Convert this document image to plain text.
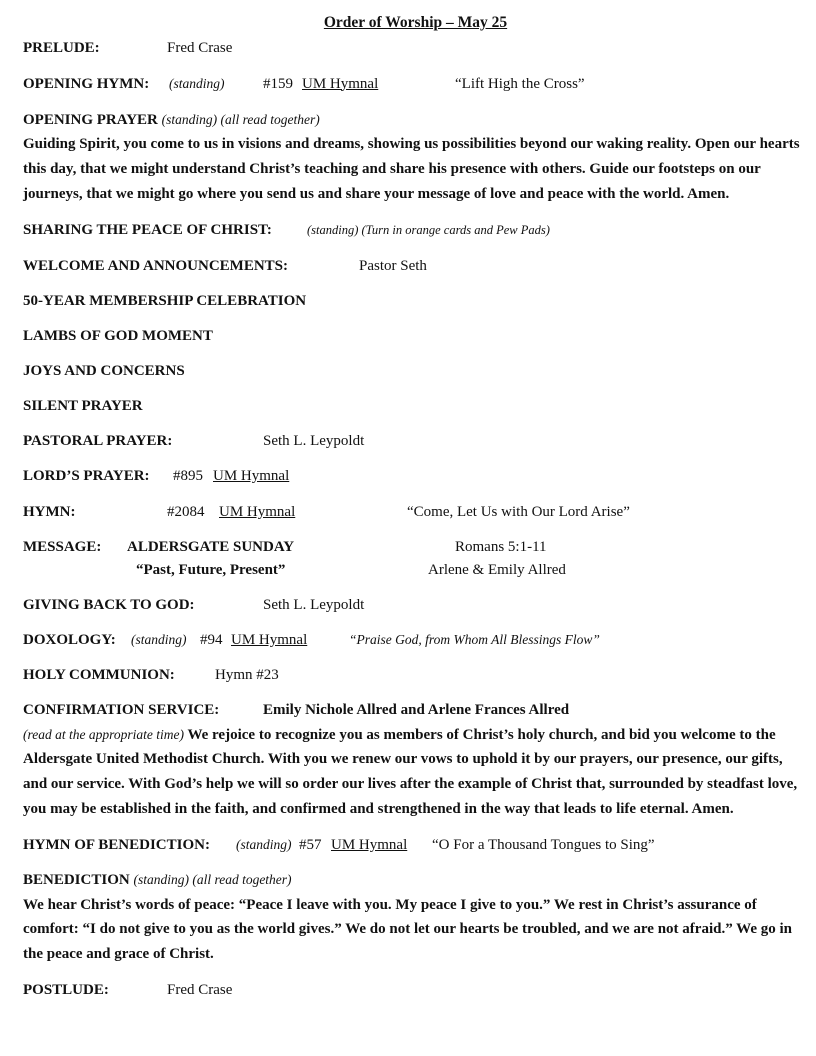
Order of Worship – May 25
PRELUDE:	Fred Crase
OPENING HYMN: (standing)	#159 UM Hymnal	“Lift High the Cross”
OPENING PRAYER (standing) (all read together)
Guiding Spirit, you come to us in visions and dreams, showing us possibilities beyond our waking reality. Open our hearts this day, that we might understand Christ’s teaching and share his presence with others. Guide our footsteps on our journeys, that we might go where you send us and share your message of love and peace with the world. Amen.
SHARING THE PEACE OF CHRIST:	(standing) (Turn in orange cards and Pew Pads)
WELCOME AND ANNOUNCEMENTS:	Pastor Seth
50-YEAR MEMBERSHIP CELEBRATION
LAMBS OF GOD MOMENT
JOYS AND CONCERNS
SILENT PRAYER
PASTORAL PRAYER:	Seth L. Leypoldt
LORD’S PRAYER: #895 UM Hymnal
HYMN:	#2084 UM Hymnal	“Come, Let Us with Our Lord Arise”
MESSAGE: ALDERSGATE SUNDAY	Romans 5:1-11
“Past, Future, Present”	Arlene & Emily Allred
GIVING BACK TO GOD:	Seth L. Leypoldt
DOXOLOGY: (standing) #94 UM Hymnal	“Praise God, from Whom All Blessings Flow”
HOLY COMMUNION:	Hymn #23
CONFIRMATION SERVICE:	Emily Nichole Allred and Arlene Frances Allred
(read at the appropriate time) We rejoice to recognize you as members of Christ’s holy church, and bid you welcome to the Aldersgate United Methodist Church. With you we renew our vows to uphold it by our prayers, our presence, our gifts, and our service. With God’s help we will so order our lives after the example of Christ that, surrounded by steadfast love, you may be established in the faith, and confirmed and strengthened in the way that leads to life eternal. Amen.
HYMN OF BENEDICTION: (standing) #57 UM Hymnal “O For a Thousand Tongues to Sing”
BENEDICTION (standing) (all read together)
We hear Christ’s words of peace: “Peace I leave with you. My peace I give to you.” We rest in Christ’s assurance of comfort: “I do not give to you as the world gives.” We do not let our hearts be troubled, and we are not afraid.” We go in the peace and grace of Christ.
POSTLUDE:	Fred Crase
